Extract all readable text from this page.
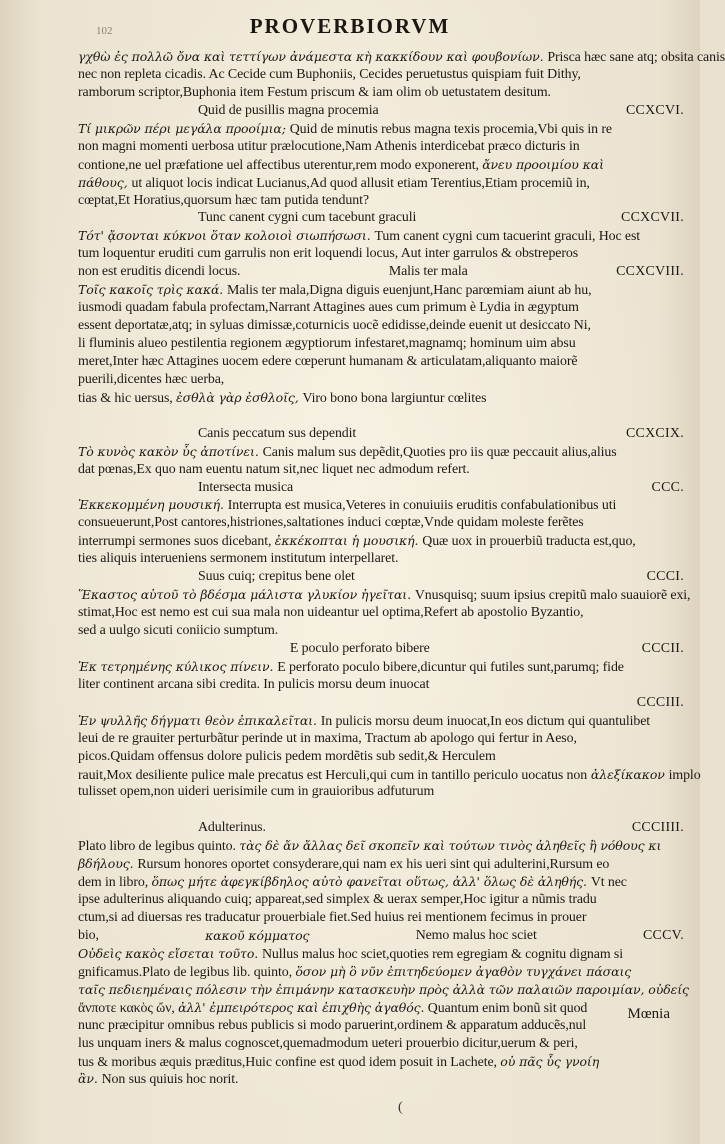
102	PROVERBIORVM
γχθὼ ἐς πολλῶ ὄνα καὶ τεττίγων ἀνάμεστα κὴ κακκίδουν καὶ φουβονίων. Prisca hæc sane atq; obsita canis
nec non repleta cicadis. Ac Cecide cum Buphoniis, Cecides peruetustus quispiam fuit Dithy,
ramborum scriptor,Buphonia item Festum priscum & iam olim ob uetustatem desitum.
Quid de pusillis magna procemia	CCXCVI.
Τί μικρῶν πέρι μεγάλα προοίμια; Quid de minutis rebus magna texis procemia,Vbi quis in re
non magni momenti uerbosa utitur prælocutione,Nam Athenis interdicebat præco dicturis in
contione,ne uel præfatione uel affectibus uterentur,rem modo exponerent, ἄνευ προοιμίου καὶ
πάθους, ut aliquot locis indicat Lucianus,Ad quod allusit etiam Terentius,Etiam procemiũ in,
cœptat,Et Horatius,quorsum hæc tam putida tendunt?
Tunc canent cygni cum tacebunt graculi	CCXCVII.
Τότ' ᾄσονται κύκνοι ὅταν κολοιοὶ σιωπήσωσι. Tum canent cygni cum tacuerint graculi, Hoc est
tum loquentur eruditi cum garrulis non erit loquendi locus, Aut inter garrulos & obstreperos
non est eruditis dicendi locus.	Malis ter mala	CCXCVIII.
Τοῖς κακοῖς τρὶς κακά. Malis ter mala,Digna diguis euenjunt,Hanc parœmiam aiunt ab hu,
iusmodi quadam fabula profectam,Narrant Attagines aues cum primum è Lydia in ægyptum
essent deportatæ,atq; in syluas dimissæ,coturnicis uocẽ edidisse,deinde euenit ut desiccato Ni,
li fluminis alueo pestilentia regionem ægyptiorum infestaret,magnamq; hominum uim absu
meret,Inter hæc Attagines uocem edere cœperunt humanam & articulatam,aliquanto maiorẽ
puerili,dicentes hæc uerba,
tias & hic uersus, ἐσθλὰ γὰρ ἐσθλοῖς, Viro bono bona largiuntur cœlites
Canis peccatum sus dependit	CCXCIX.
Τὸ κυνὸς κακὸν ὗς ἀποτίνει. Canis malum sus depẽdit,Quoties pro iis quæ peccauit alius,alius
dat pœnas,Ex quo nam euentu natum sit,nec liquet nec admodum refert.
Intersecta musica	CCC.
Ἐκκεκομμένη μουσική. Interrupta est musica,Veteres in conuiuiis eruditis confabulationibus uti
consueuerunt,Post cantores,histriones,saltationes induci cœptæ,Vnde quidam moleste ferẽtes
interrumpi sermones suos dicebant, ἐκκέκοπται ἡ μουσική. Quæ uox in prouerbiũ traducta est,quo,
ties aliquis interueniens sermonem institutum interpellaret.
Suus cuiq; crepitus bene olet	CCCI.
Ἕκαστος αὑτοῦ τὸ βδέσμα μάλιστα γλυκίον ἡγεῖται. Vnusquisq; suum ipsius crepitũ malo suauiorẽ exi,
stimat,Hoc est nemo est cui sua mala non uideantur uel optima,Refert ab apostolio Byzantio,
sed a uulgo sicuti coniicio sumptum.
E poculo perforato bibere	CCCII.
Ἐκ τετρημένης κύλικος πίνειν. E perforato poculo bibere,dicuntur qui futiles sunt,parumq; fide
liter continent arcana sibi credita. In pulicis morsu deum inuocat
CCCIII.
Ἐν ψυλλῆς δήγματι θεὸν ἐπικαλεῖται. In pulicis morsu deum inuocat,In eos dictum qui quantulibet
leui de re grauiter perturbãtur perinde ut in maxima, Tractum ab apologo qui fertur in Aeso,
picos.Quidam offensus dolore pulicis pedem mordẽtis sub sedit,& Herculem
rauit,Mox desiliente pulice male precatus est Herculi,qui cum in tantillo periculo uocatus non ἀλεξίκακον implo
tulisset opem,non uideri uerisimile cum in grauioribus adfuturum
Adulterinus.	CCCIIII.
Plato libro de legibus quinto. τὰς δὲ ἄν ἄλλας δεῖ σκοπεῖν καὶ τούτων τινὸς ἀληθεῖς ἢ νόθους κι
βδήλους. Rursum honores oportet consyderare,qui nam ex his ueri sint qui adulterini,Rursum eo
dem in libro, ὅπως μήτε ἀφεγκίβδηλος αὐτὸ φανεῖται οὕτως, ἀλλ' ὅλως δὲ ἀληθής. Vt nec
ipse adulterinus aliquando cuiq; appareat,sed simplex & uerax semper,Hoc igitur a nũmis tradu
ctum,si ad diuersas res traducatur prouerbiale fiet.Sed huius rei mentionem fecimus in prouer
bio,	κακοῦ κόμματος	Nemo malus hoc sciet	CCCV.
Οὐδεὶς κακὸς εἴσεται τοῦτο. Nullus malus hoc sciet,quoties rem egregiam & cognitu dignam si
gnificamus.Plato de legibus lib. quinto, ὅσον μὴ ὃ νῦν ἐπιτηδεύομεν ἀγαθὸν τυγχάνει πάσαις
ταῖς πεδιεημέναις πόλεσιν τὴν ἐπιμάνην κατασκευὴν πρὸς ἀλλὰ τῶν παλαιῶν παροιμίαν, οὐδείς
ἄνποτε κακὸς ὤν, ἀλλ' ἐμπειρότερος καὶ ἐπιχθὴς ἀγαθός. Quantum enim bonũ sit quod
nunc præcipitur omnibus rebus publicis si modo paruerint,ordinem & apparatum adducẽs,nul
lus unquam iners & malus cognoscet,quemadmodum ueteri prouerbio dicitur,uerum & peri,
tus & moribus æquis præditus,Huic confine est quod idem posuit in Lachete, οὐ πᾶς ὗς γνοίη
ἂν. Non sus quiuis hoc norit.
Mœnia
(
